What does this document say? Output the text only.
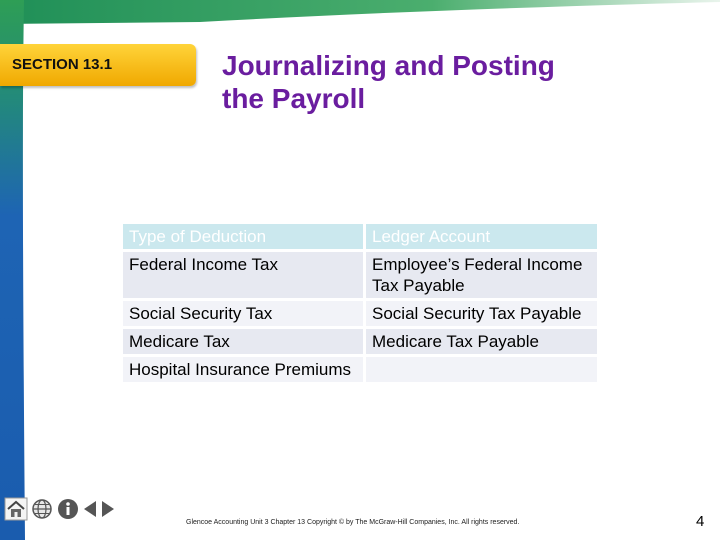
SECTION 13.1	Journalizing and Posting
the Payroll
Type of Deduction	Ledger Account
Federal Income Tax	Employee’s Federal Income Tax Payable
Social Security Tax	Social Security Tax Payable
Medicare Tax	Medicare Tax Payable
Hospital Insurance Premiums	
Glencoe Accounting Unit 3 Chapter 13 Copyright © by The McGraw-Hill Companies, Inc. All rights reserved.	4
